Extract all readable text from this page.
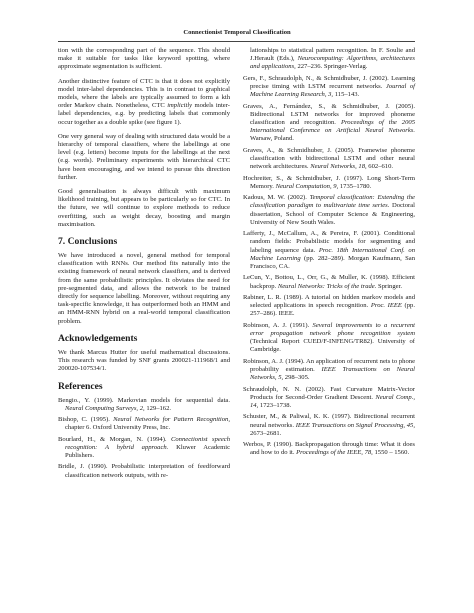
Connectionist Temporal Classification

tion with the corresponding part of the sequence. This should make it suitable for tasks like keyword spotting, where approximate segmentation is sufficient.

Another distinctive feature of CTC is that it does not explicitly model inter-label dependencies. This is in contrast to graphical models, where the labels are typically assumed to form a kth order Markov chain. Nonetheless, CTC implicitly models inter-label dependencies, e.g. by predicting labels that commonly occur together as a double spike (see figure 1).

One very general way of dealing with structured data would be a hierarchy of temporal classifiers, where the labellings at one level (e.g. letters) become inputs for the labellings at the next (e.g. words). Preliminary experiments with hierarchical CTC have been encouraging, and we intend to pursue this direction further.

Good generalisation is always difficult with maximum likelihood training, but appears to be particularly so for CTC. In the future, we will continue to explore methods to reduce overfitting, such as weight decay, boosting and margin maximisation.

7. Conclusions

We have introduced a novel, general method for temporal classification with RNNs. Our method fits naturally into the existing framework of neural network classifiers, and is derived from the same probabilistic principles. It obviates the need for pre-segmented data, and allows the network to be trained directly for sequence labelling. Moreover, without requiring any task-specific knowledge, it has outperformed both an HMM and an HMM-RNN hybrid on a real-world temporal classification problem.

Acknowledgements

We thank Marcus Hutter for useful mathematical discussions. This research was funded by SNF grants 200021-111968/1 and 200020-107534/1.

References
Bengio., Y. (1999). Markovian models for sequential data. Neural Computing Surveys, 2, 129–162.
Bishop, C. (1995). Neural Networks for Pattern Recognition, chapter 6. Oxford University Press, Inc.
Bourlard, H., & Morgan, N. (1994). Connectionist speech recognition: A hybrid approach. Kluwer Academic Publishers.
Bridle, J. (1990). Probabilistic interpretation of feedforward classification network outputs, with re-
lationships to statistical pattern recognition. In F. Soulie and J.Herault (Eds.), Neurocomputing: Algorithms, architectures and applications, 227–236. Springer-Verlag.
Gers, F., Schraudolph, N., & Schmidhuber, J. (2002). Learning precise timing with LSTM recurrent networks. Journal of Machine Learning Research, 3, 115–143.
Graves, A., Fernández, S., & Schmidhuber, J. (2005). Bidirectional LSTM networks for improved phoneme classification and recognition. Proceedings of the 2005 International Conference on Artificial Neural Networks. Warsaw, Poland.
Graves, A., & Schmidhuber, J. (2005). Framewise phoneme classification with bidirectional LSTM and other neural network architectures. Neural Networks, 18, 602–610.
Hochreiter, S., & Schmidhuber, J. (1997). Long Short-Term Memory. Neural Computation, 9, 1735–1780.
Kadous, M. W. (2002). Temporal classification: Extending the classification paradigm to multivariate time series. Doctoral dissertation, School of Computer Science & Engineering, University of New South Wales.
Lafferty, J., McCallum, A., & Pereira, F. (2001). Conditional random fields: Probabilistic models for segmenting and labeling sequence data. Proc. 18th International Conf. on Machine Learning (pp. 282–289). Morgan Kaufmann, San Francisco, CA.
LeCun, Y., Bottou, L., Orr, G., & Muller, K. (1998). Efficient backprop. Neural Networks: Tricks of the trade. Springer.
Rabiner, L. R. (1989). A tutorial on hidden markov models and selected applications in speech recognition. Proc. IEEE (pp. 257–286). IEEE.
Robinson, A. J. (1991). Several improvements to a recurrent error propagation network phone recognition system (Technical Report CUED/F-INFENG/TR82). University of Cambridge.
Robinson, A. J. (1994). An application of recurrent nets to phone probability estimation. IEEE Transactions on Neural Networks, 5, 298–305.
Schraudolph, N. N. (2002). Fast Curvature Matrix-Vector Products for Second-Order Gradient Descent. Neural Comp., 14, 1723–1738.
Schuster, M., & Paliwal, K. K. (1997). Bidirectional recurrent neural networks. IEEE Transactions on Signal Processing, 45, 2673–2681.
Werbos, P. (1990). Backpropagation through time: What it does and how to do it. Proceedings of the IEEE, 78, 1550 – 1560.
